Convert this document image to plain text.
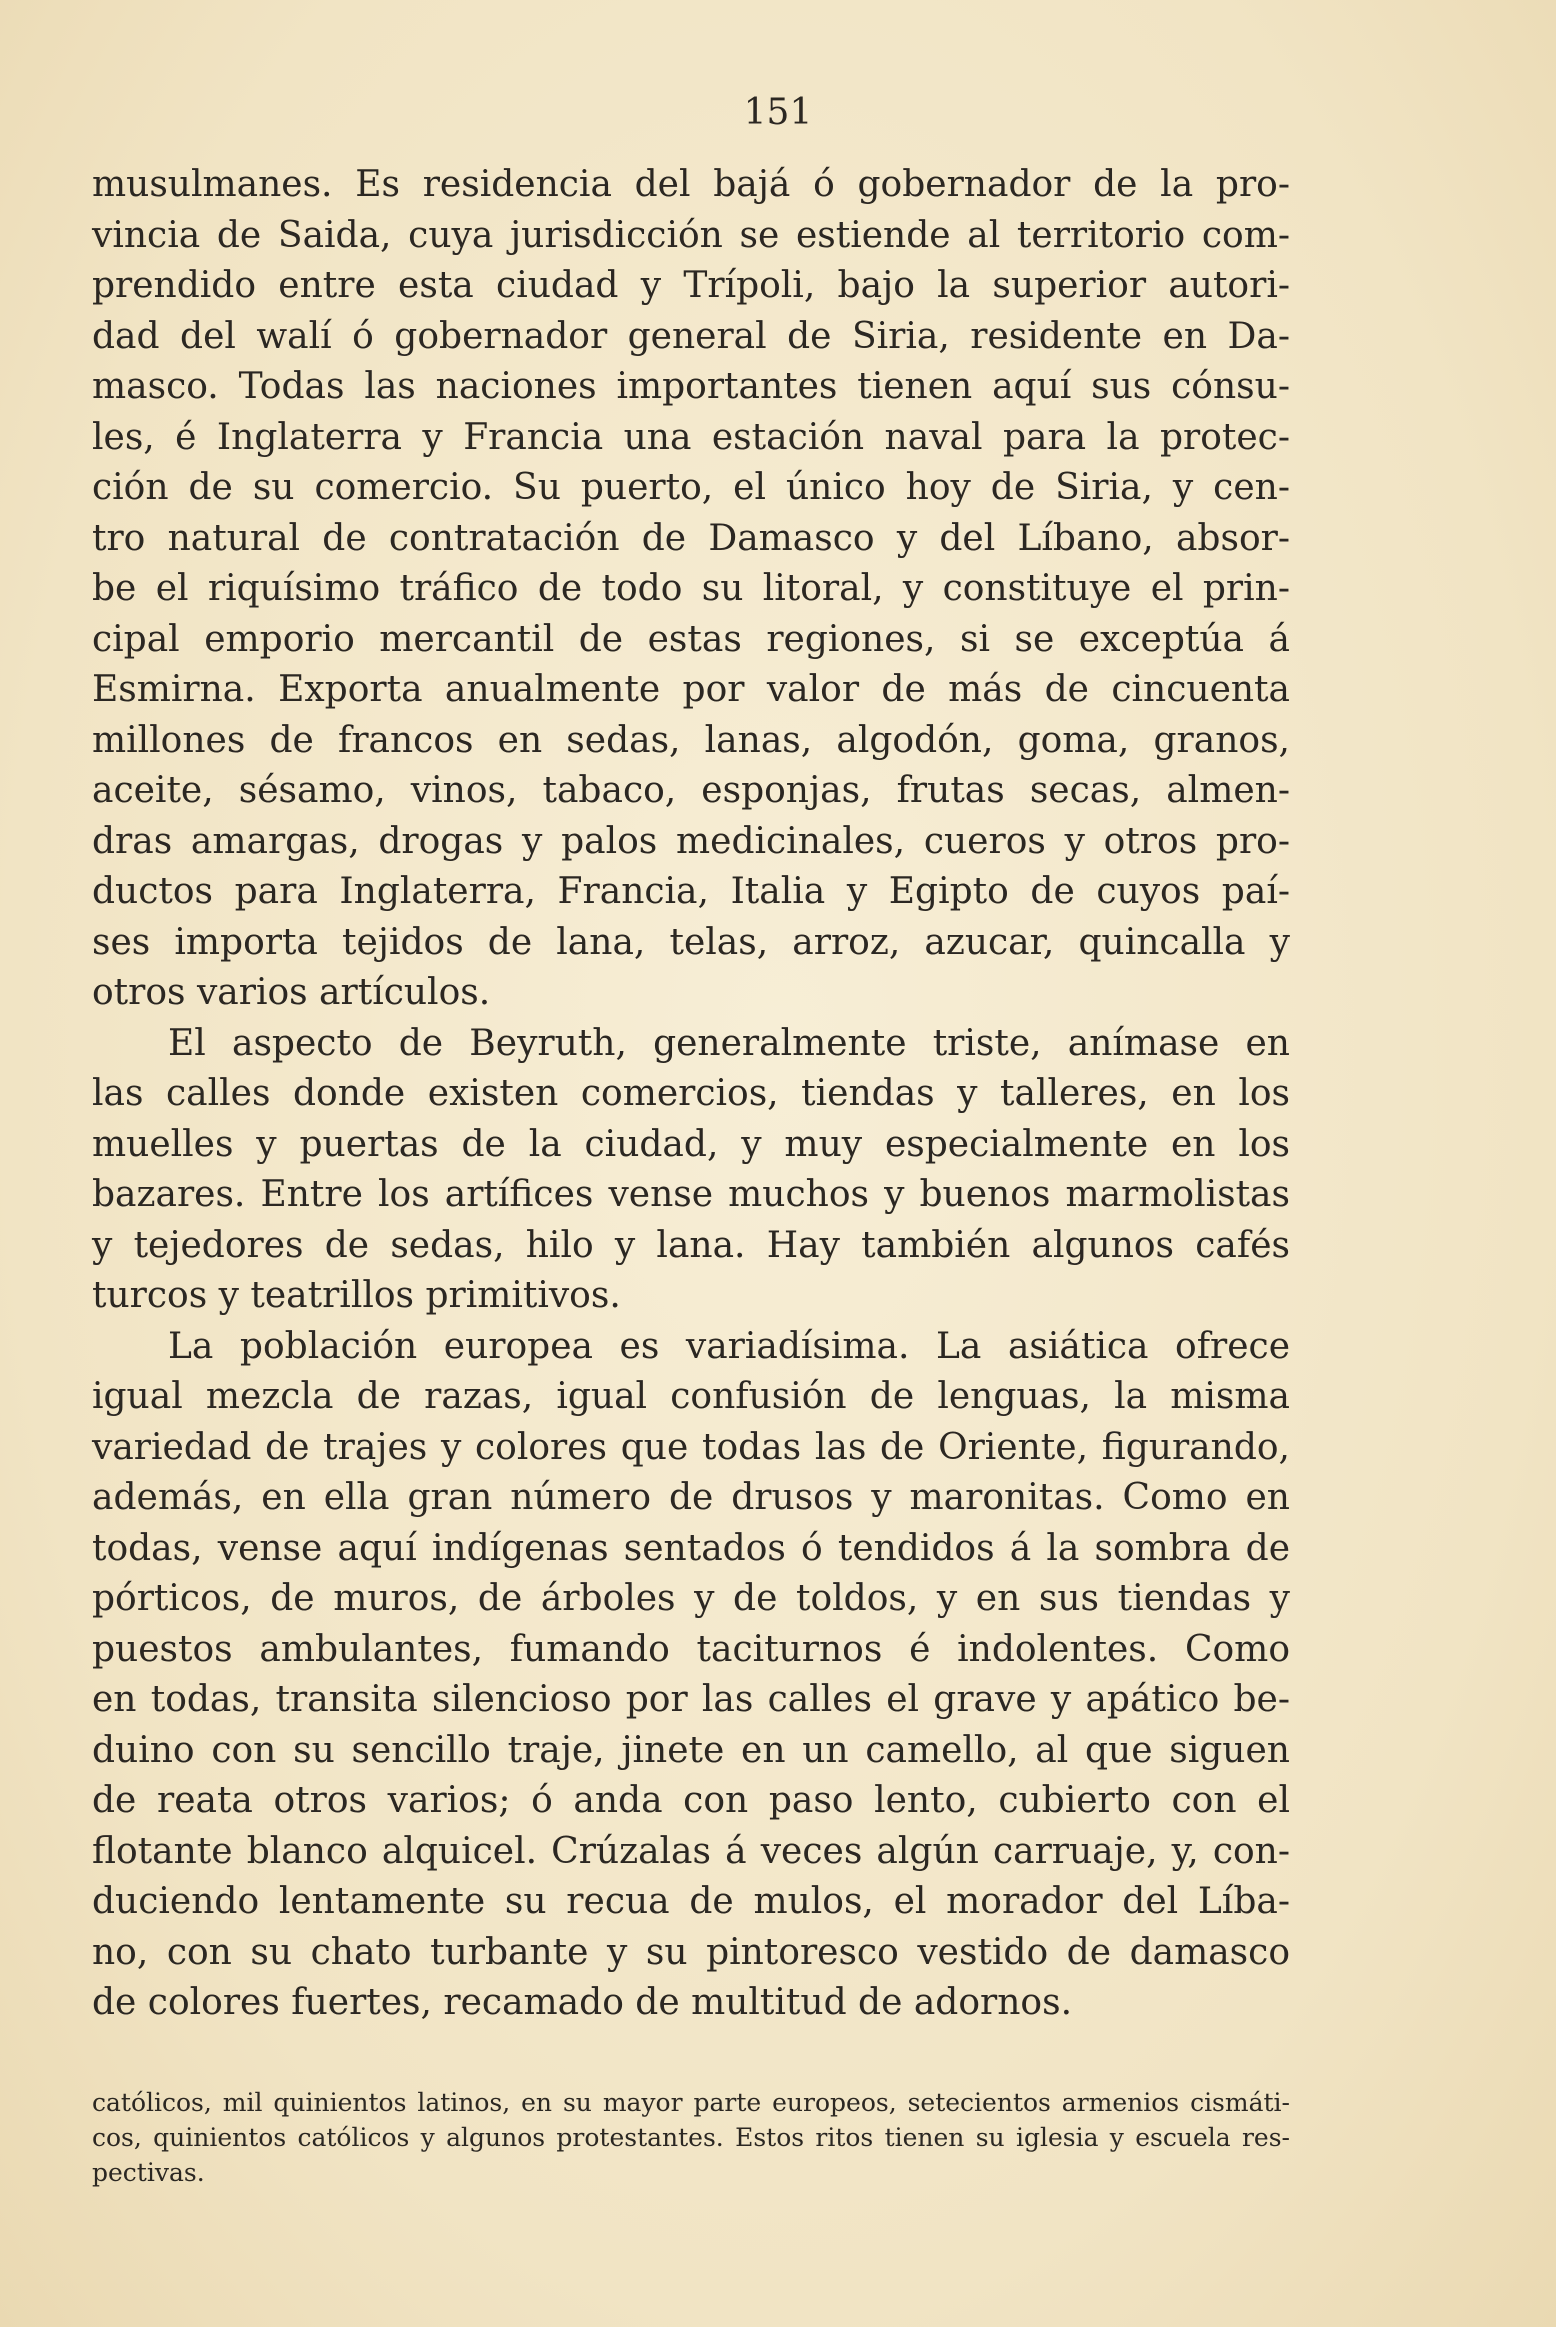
151
musulmanes. Es residencia del bajá ó gobernador de la pro-
vincia de Saida, cuya jurisdicción se estiende al territorio com-
prendido entre esta ciudad y Trípoli, bajo la superior autori-
dad del walí ó gobernador general de Siria, residente en Da-
masco. Todas las naciones importantes tienen aquí sus cónsu-
les, é Inglaterra y Francia una estación naval para la protec-
ción de su comercio. Su puerto, el único hoy de Siria, y cen-
tro natural de contratación de Damasco y del Líbano, absor-
be el riquísimo tráfico de todo su litoral, y constituye el prin-
cipal emporio mercantil de estas regiones, si se exceptúa á
Esmirna. Exporta anualmente por valor de más de cincuenta
millones de francos en sedas, lanas, algodón, goma, granos,
aceite, sésamo, vinos, tabaco, esponjas, frutas secas, almen-
dras amargas, drogas y palos medicinales, cueros y otros pro-
ductos para Inglaterra, Francia, Italia y Egipto de cuyos paí-
ses importa tejidos de lana, telas, arroz, azucar, quincalla y
otros varios artículos.
El aspecto de Beyruth, generalmente triste, anímase en
las calles donde existen comercios, tiendas y talleres, en los
muelles y puertas de la ciudad, y muy especialmente en los
bazares. Entre los artífices vense muchos y buenos marmolistas
y tejedores de sedas, hilo y lana. Hay también algunos cafés
turcos y teatrillos primitivos.
La población europea es variadísima. La asiática ofrece
igual mezcla de razas, igual confusión de lenguas, la misma
variedad de trajes y colores que todas las de Oriente, figurando,
además, en ella gran número de drusos y maronitas. Como en
todas, vense aquí indígenas sentados ó tendidos á la sombra de
pórticos, de muros, de árboles y de toldos, y en sus tiendas y
puestos ambulantes, fumando taciturnos é indolentes. Como
en todas, transita silencioso por las calles el grave y apático be-
duino con su sencillo traje, jinete en un camello, al que siguen
de reata otros varios; ó anda con paso lento, cubierto con el
flotante blanco alquicel. Crúzalas á veces algún carruaje, y, con-
duciendo lentamente su recua de mulos, el morador del Líba-
no, con su chato turbante y su pintoresco vestido de damasco
de colores fuertes, recamado de multitud de adornos.
católicos, mil quinientos latinos, en su mayor parte europeos, setecientos armenios cismáti-
cos, quinientos católicos y algunos protestantes. Estos ritos tienen su iglesia y escuela res-
pectivas.
